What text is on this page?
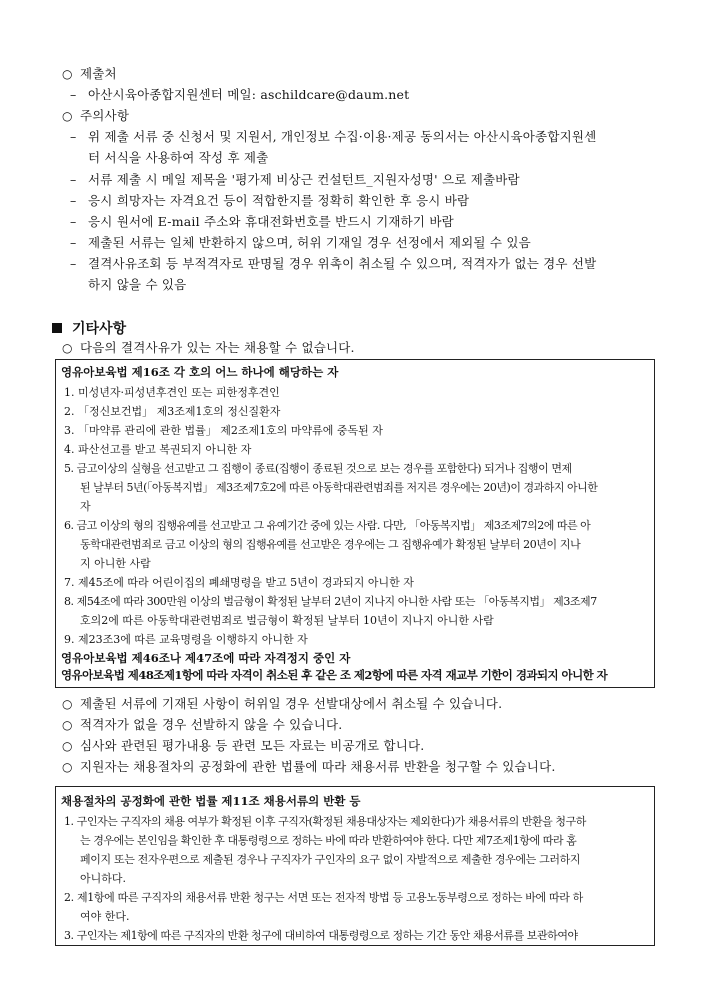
○ 제출처
– 아산시육아종합지원센터 메일: aschildcare@daum.net
○ 주의사항
– 위 제출 서류 중 신청서 및 지원서, 개인정보 수집·이용·제공 동의서는 아산시육아종합지원센
터 서식을 사용하여 작성 후 제출
– 서류 제출 시 메일 제목을 '평가제 비상근 컨설턴트_지원자성명' 으로 제출바람
– 응시 희망자는 자격요건 등이 적합한지를 정확히 확인한 후 응시 바람
– 응시 원서에 E-mail 주소와 휴대전화번호를 반드시 기재하기 바람
– 제출된 서류는 일체 반환하지 않으며, 허위 기재일 경우 선정에서 제외될 수 있음
– 결격사유조회 등 부적격자로 판명될 경우 위촉이 취소될 수 있으며, 적격자가 없는 경우 선발
하지 않을 수 있음
기타사항
○ 다음의 결격사유가 있는 자는 채용할 수 없습니다.
영유아보육법 제16조 각 호의 어느 하나에 해당하는 자
1. 미성년자·피성년후견인 또는 피한정후견인
2. 「정신보건법」 제3조제1호의 정신질환자
3. 「마약류 관리에 관한 법률」 제2조제1호의 마약류에 중독된 자
4. 파산선고를 받고 복권되지 아니한 자
5. 금고이상의 실형을 선고받고 그 집행이 종료(집행이 종료된 것으로 보는 경우를 포함한다) 되거나 집행이 면제
된 날부터 5년(「아동복지법」 제3조제7호2에 따른 아동학대관련범죄를 저지른 경우에는 20년)이 경과하지 아니한
자
6. 금고 이상의 형의 집행유예를 선고받고 그 유예기간 중에 있는 사람. 다만, 「아동복지법」 제3조제7의2에 따른 아
동학대관련범죄로 금고 이상의 형의 집행유예를 선고받은 경우에는 그 집행유예가 확정된 날부터 20년이 지나
지 아니한 사람
7. 제45조에 따라 어린이집의 폐쇄명령을 받고 5년이 경과되지 아니한 자
8. 제54조에 따라 300만원 이상의 벌금형이 확정된 날부터 2년이 지나지 아니한 사람 또는 「아동복지법」 제3조제7
호의2에 따른 아동학대관련범죄로 벌금형이 확정된 날부터 10년이 지나지 아니한 사람
9. 제23조3에 따른 교육명령을 이행하지 아니한 자
영유아보육법 제46조나 제47조에 따라 자격정지 중인 자
영유아보육법 제48조제1항에 따라 자격이 취소된 후 같은 조 제2항에 따른 자격 재교부 기한이 경과되지 아니한 자
○ 제출된 서류에 기재된 사항이 허위일 경우 선발대상에서 취소될 수 있습니다.
○ 적격자가 없을 경우 선발하지 않을 수 있습니다.
○ 심사와 관련된 평가내용 등 관련 모든 자료는 비공개로 합니다.
○ 지원자는 채용절차의 공정화에 관한 법률에 따라 채용서류 반환을 청구할 수 있습니다.
채용절차의 공정화에 관한 법률 제11조 채용서류의 반환 등
1. 구인자는 구직자의 채용 여부가 확정된 이후 구직자(확정된 채용대상자는 제외한다)가 채용서류의 반환을 청구하
는 경우에는 본인임을 확인한 후 대통령령으로 정하는 바에 따라 반환하여야 한다. 다만 제7조제1항에 따라 홈
페이지 또는 전자우편으로 제출된 경우나 구직자가 구인자의 요구 없이 자발적으로 제출한 경우에는 그러하지
아니하다.
2. 제1항에 따른 구직자의 채용서류 반환 청구는 서면 또는 전자적 방법 등 고용노동부령으로 정하는 바에 따라 하
여야 한다.
3. 구인자는 제1항에 따른 구직자의 반환 청구에 대비하여 대통령령으로 정하는 기간 동안 채용서류를 보관하여야
